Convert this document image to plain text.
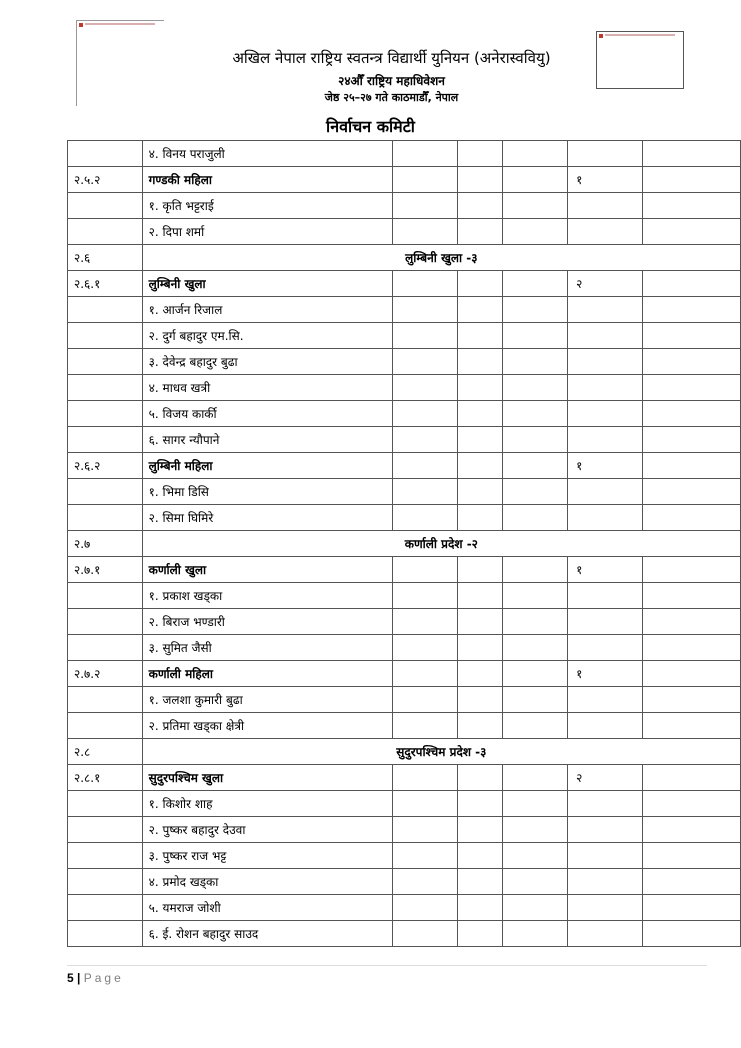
अखिल नेपाल राष्ट्रिय स्वतन्त्र विद्यार्थी युनियन (अनेरास्ववियु)
२४औँ राष्ट्रिय महाधिवेशन
जेष्ठ २५–२७ गते काठमाडौँ, नेपाल
निर्वाचन कमिटी
	४. विनय पराजुली					
२.५.२	गण्डकी महिला				१	
	१. कृति भट्टराई					
	२. दिपा शर्मा					
२.६	लुम्बिनी खुला -३					
२.६.१	लुम्बिनी खुला				२	
	१. आर्जन रिजाल					
	२. दुर्ग बहादुर एम.सि.					
	३. देवेन्द्र बहादुर बुढा					
	४. माधव खत्री					
	५. विजय कार्की					
	६. सागर न्यौपाने					
२.६.२	लुम्बिनी महिला				१	
	१. भिमा डिसि					
	२. सिमा घिमिरे					
२.७	कर्णाली प्रदेश -२					
२.७.१	कर्णाली खुला				१	
	१. प्रकाश खड्का					
	२. बिराज भण्डारी					
	३. सुमित जैसी					
२.७.२	कर्णाली महिला				१	
	१. जलशा कुमारी बुढा					
	२. प्रतिमा खड्का क्षेत्री					
२.८	सुदुरपश्चिम प्रदेश -३					
२.८.१	सुदुरपश्चिम खुला				२	
	१. किशोर शाह					
	२. पुष्कर बहादुर देउवा					
	३. पुष्कर राज भट्ट					
	४. प्रमोद खड्का					
	५. यमराज जोशी					
	६. ई. रोशन बहादुर साउद					
5 | Page
